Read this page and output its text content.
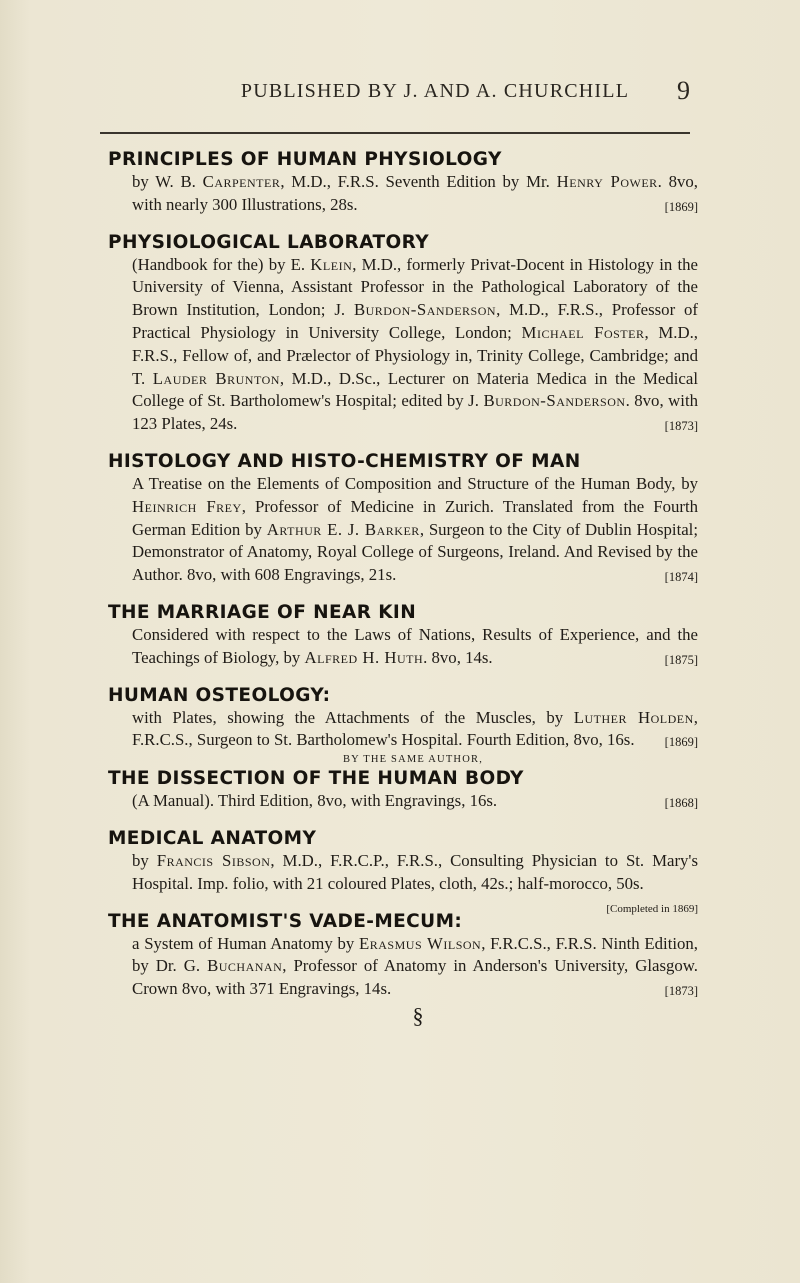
PUBLISHED BY J. AND A. CHURCHILL	9
PRINCIPLES OF HUMAN PHYSIOLOGY

by W. B. Carpenter, M.D., F.R.S. Seventh Edition by Mr. Henry Power. 8vo, with nearly 300 Illustrations, 28s.	[1869]

PHYSIOLOGICAL LABORATORY

(Handbook for the) by E. Klein, M.D., formerly Privat-Docent in Histology in the University of Vienna, Assistant Professor in the Pathological Laboratory of the Brown Institution, London; J. Burdon-Sanderson, M.D., F.R.S., Professor of Practical Physiology in University College, London; Michael Foster, M.D., F.R.S., Fellow of, and Prælector of Physiology in, Trinity College, Cambridge; and T. Lauder Brunton, M.D., D.Sc., Lecturer on Materia Medica in the Medical College of St. Bartholomew's Hospital; edited by J. Burdon-Sanderson. 8vo, with 123 Plates, 24s.	[1873]

HISTOLOGY AND HISTO-CHEMISTRY OF MAN

A Treatise on the Elements of Composition and Structure of the Human Body, by Heinrich Frey, Professor of Medicine in Zurich. Translated from the Fourth German Edition by Arthur E. J. Barker, Surgeon to the City of Dublin Hospital; Demonstrator of Anatomy, Royal College of Surgeons, Ireland. And Revised by the Author. 8vo, with 608 Engravings, 21s.	[1874]

THE MARRIAGE OF NEAR KIN

Considered with respect to the Laws of Nations, Results of Experience, and the Teachings of Biology, by Alfred H. Huth. 8vo, 14s.	[1875]

HUMAN OSTEOLOGY:

with Plates, showing the Attachments of the Muscles, by Luther Holden, F.R.C.S., Surgeon to St. Bartholomew's Hospital. Fourth Edition, 8vo, 16s. [1869]

BY THE SAME AUTHOR,
THE DISSECTION OF THE HUMAN BODY

(A Manual). Third Edition, 8vo, with Engravings, 16s.	[1868]

MEDICAL ANATOMY

by Francis Sibson, M.D., F.R.C.P., F.R.S., Consulting Physician to St. Mary's Hospital. Imp. folio, with 21 coloured Plates, cloth, 42s.; half-morocco, 50s.
[Completed in 1869]

THE ANATOMIST'S VADE-MECUM:

a System of Human Anatomy by Erasmus Wilson, F.R.C.S., F.R.S. Ninth Edition, by Dr. G. Buchanan, Professor of Anatomy in Anderson's University, Glasgow. Crown 8vo, with 371 Engravings, 14s.	[1873]

§
